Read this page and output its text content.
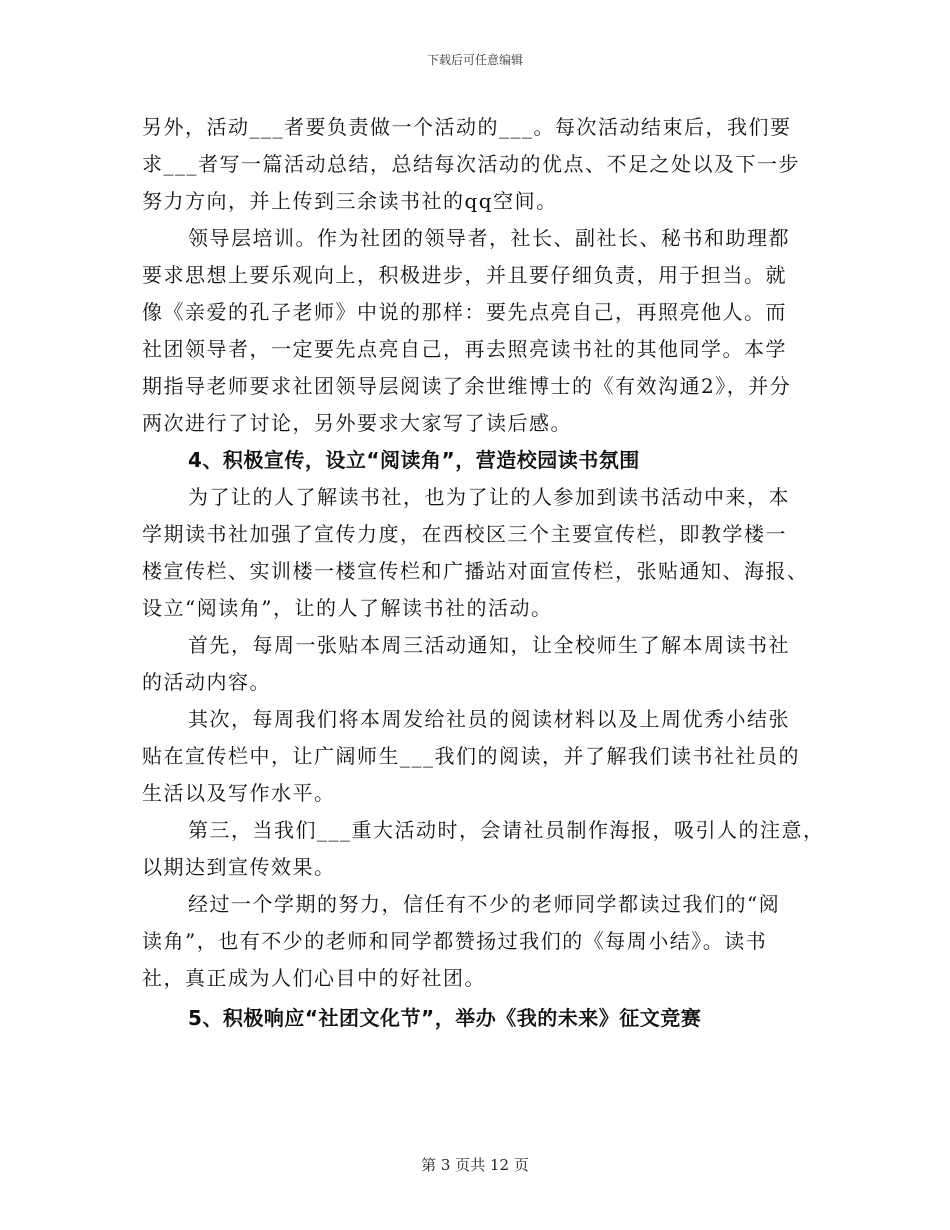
下载后可任意编辑
另外，活动___者要负责做一个活动的___。每次活动结束后，我们要
求___者写一篇活动总结，总结每次活动的优点、不足之处以及下一步
努力方向，并上传到三余读书社的qq空间。
领导层培训。作为社团的领导者，社长、副社长、秘书和助理都
要求思想上要乐观向上，积极进步，并且要仔细负责，用于担当。就
像《亲爱的孔子老师》中说的那样：要先点亮自己，再照亮他人。而
社团领导者，一定要先点亮自己，再去照亮读书社的其他同学。本学
期指导老师要求社团领导层阅读了余世维博士的《有效沟通2》，并分
两次进行了讨论，另外要求大家写了读后感。
4、积极宣传，设立“阅读角”，营造校园读书氛围
为了让的人了解读书社，也为了让的人参加到读书活动中来，本
学期读书社加强了宣传力度，在西校区三个主要宣传栏，即教学楼一
楼宣传栏、实训楼一楼宣传栏和广播站对面宣传栏，张贴通知、海报、
设立“阅读角”，让的人了解读书社的活动。
首先，每周一张贴本周三活动通知，让全校师生了解本周读书社
的活动内容。
其次，每周我们将本周发给社员的阅读材料以及上周优秀小结张
贴在宣传栏中，让广阔师生___我们的阅读，并了解我们读书社社员的
生活以及写作水平。
第三，当我们___重大活动时，会请社员制作海报，吸引人的注意，
以期达到宣传效果。
经过一个学期的努力，信任有不少的老师同学都读过我们的“阅
读角”，也有不少的老师和同学都赞扬过我们的《每周小结》。读书
社，真正成为人们心目中的好社团。
5、积极响应“社团文化节”，举办《我的未来》征文竞赛
第 3 页共 12 页
